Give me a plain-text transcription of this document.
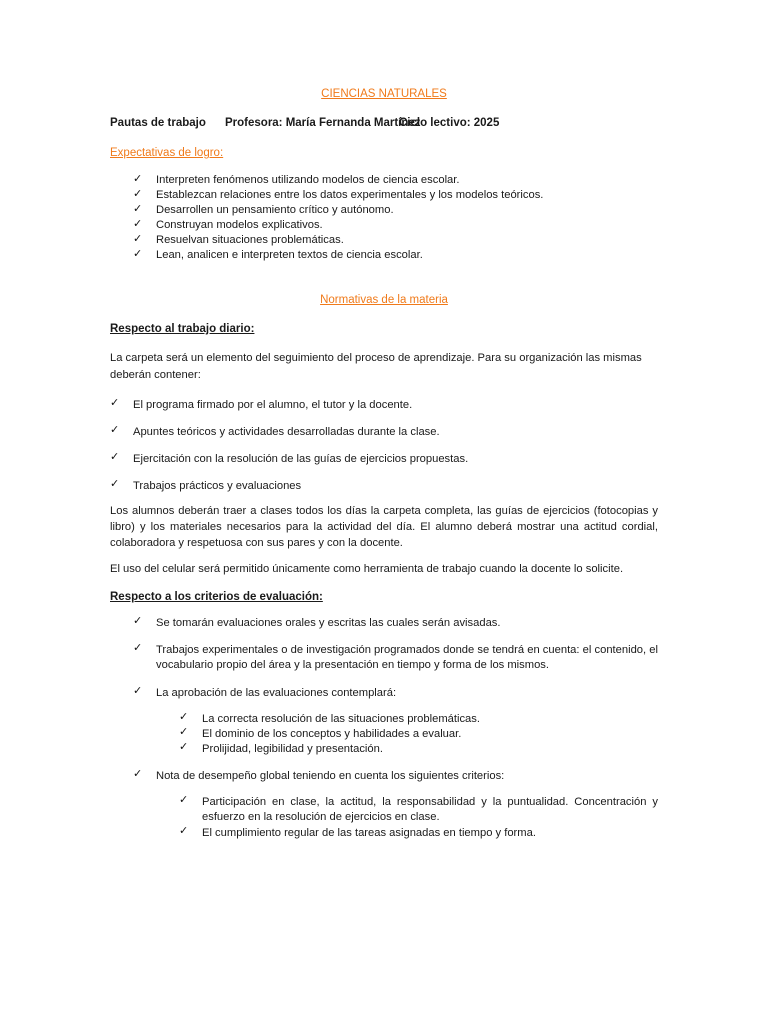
CIENCIAS NATURALES
Pautas de trabajo Profesora: María Fernanda Martínez
Ciclo lectivo: 2025
Expectativas de logro:
✓ Interpreten fenómenos utilizando modelos de ciencia escolar.
✓ Establezcan relaciones entre los datos experimentales y los modelos teóricos.
✓ Desarrollen un pensamiento crítico y autónomo.
✓ Construyan modelos explicativos.
✓ Resuelvan situaciones problemáticas.
✓ Lean, analicen e interpreten textos de ciencia escolar.
Normativas de la materia
Respecto al trabajo diario:
La carpeta será un elemento del seguimiento del proceso de aprendizaje. Para su organización las mismas
deberán contener:
✓ El programa firmado por el alumno, el tutor y la docente.
✓ Apuntes teóricos y actividades desarrolladas durante la clase.
✓ Ejercitación con la resolución de las guías de ejercicios propuestas.
✓ Trabajos prácticos y evaluaciones
Los alumnos deberán traer a clases todos los días la carpeta completa, las guías de ejercicios (fotocopias y libro) y los materiales necesarios para la actividad del día. El alumno deberá mostrar una actitud cordial, colaboradora y respetuosa con sus pares y con la docente.
El uso del celular será permitido únicamente como herramienta de trabajo cuando la docente lo solicite.
Respecto a los criterios de evaluación:
✓ Se tomarán evaluaciones orales y escritas las cuales serán avisadas.
✓ Trabajos experimentales o de investigación programados donde se tendrá en cuenta: el contenido, el vocabulario propio del área y la presentación en tiempo y forma de los mismos.
✓ La aprobación de las evaluaciones contemplará:
✓ La correcta resolución de las situaciones problemáticas.
✓ El dominio de los conceptos y habilidades a evaluar.
✓ Prolijidad, legibilidad y presentación.
✓ Nota de desempeño global teniendo en cuenta los siguientes criterios:
✓ Participación en clase, la actitud, la responsabilidad y la puntualidad. Concentración y esfuerzo en la resolución de ejercicios en clase.
✓ El cumplimiento regular de las tareas asignadas en tiempo y forma.
